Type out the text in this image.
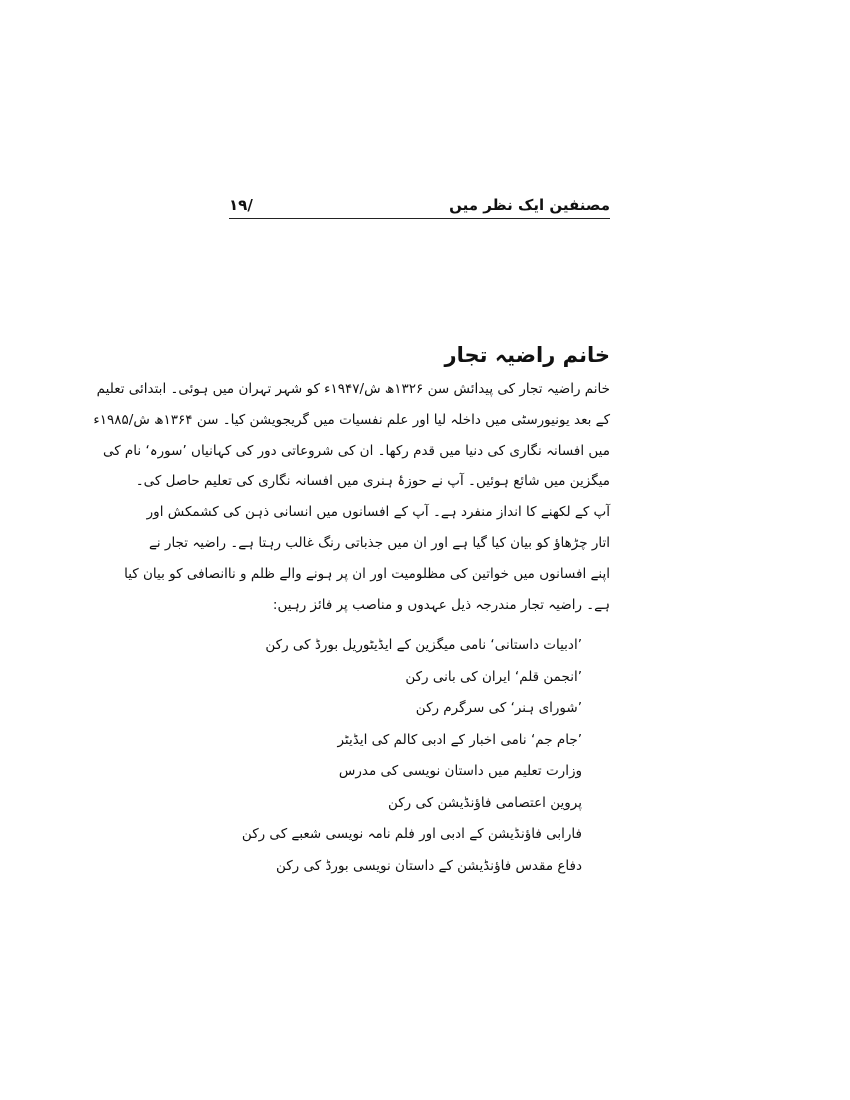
مصنفین ایک نظر میں
/۱۹
خانم راضیہ تجار
خانم راضیہ تجار کی پیدائش سن ۱۳۲۶ھ ش/۱۹۴۷ء کو شہر تہران میں ہوئی۔ ابتدائی تعلیم
کے بعد یونیورسٹی میں داخلہ لیا اور علم نفسیات میں گریجویشن کیا۔ سن ۱۳۶۴ھ ش/۱۹۸۵ء
میں افسانہ نگاری کی دنیا میں قدم رکھا۔ ان کی شروعاتی دور کی کہانیاں ’سورہ‘ نام کی
میگزین میں شائع ہوئیں۔ آپ نے حوزۂ ہنری میں افسانہ نگاری کی تعلیم حاصل کی۔
آپ کے لکھنے کا انداز منفرد ہے۔ آپ کے افسانوں میں انسانی ذہن کی کشمکش اور
اتار چڑھاؤ کو بیان کیا گیا ہے اور ان میں جذباتی رنگ غالب رہتا ہے۔ راضیہ تجار نے
اپنے افسانوں میں خواتین کی مظلومیت اور ان پر ہونے والے ظلم و ناانصافی کو بیان کیا
ہے۔ راضیہ تجار مندرجہ ذیل عہدوں و مناصب پر فائز رہیں:
’ادبیات داستانی‘ نامی میگزین کے ایڈیٹوریل بورڈ کی رکن
’انجمن قلم‘ ایران کی بانی رکن
’شورای ہنر‘ کی سرگرم رکن
’جام جم‘ نامی اخبار کے ادبی کالم کی ایڈیٹر
وزارت تعلیم میں داستان نویسی کی مدرس
پروین اعتصامی فاؤنڈیشن کی رکن
فارابی فاؤنڈیشن کے ادبی اور فلم نامہ نویسی شعبے کی رکن
دفاع مقدس فاؤنڈیشن کے داستان نویسی بورڈ کی رکن
